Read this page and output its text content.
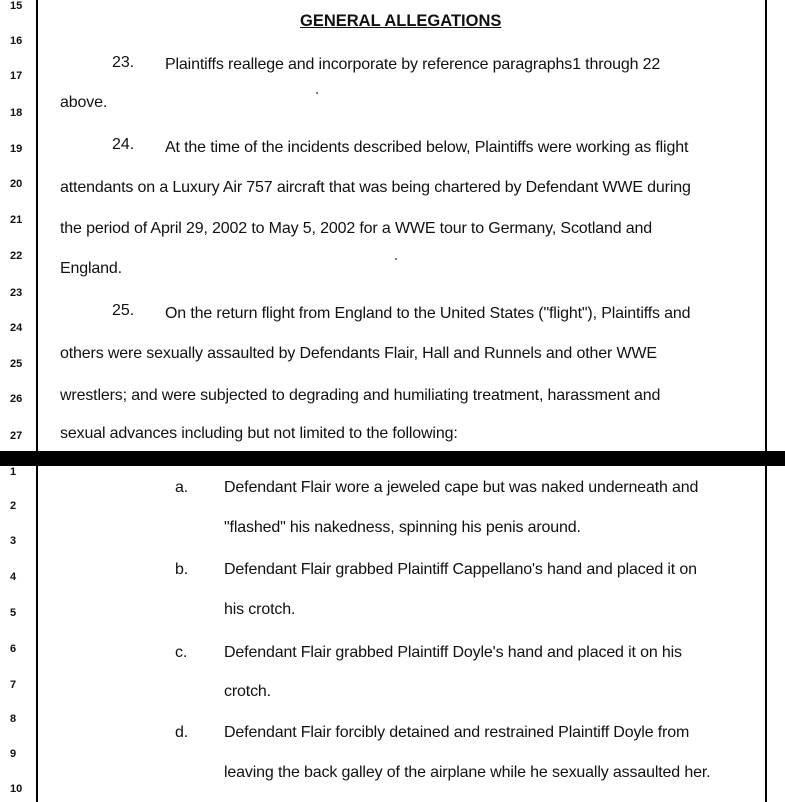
15
16
17
18
19
20
21
22
23
24
25
26
27
GENERAL ALLEGATIONS
23. Plaintiffs reallege and incorporate by reference paragraphs1 through 22
above.
24. At the time of the incidents described below, Plaintiffs were working as flight
attendants on a Luxury Air 757 aircraft that was being chartered by Defendant WWE during
the period of April 29, 2002 to May 5, 2002 for a WWE tour to Germany, Scotland and
England.
25. On the return flight from England to the United States ("flight"), Plaintiffs and
others were sexually assaulted by Defendants Flair, Hall and Runnels and other WWE
wrestlers; and were subjected to degrading and humiliating treatment, harassment and
sexual advances including but not limited to the following:
1
2
3
4
5
6
7
8
9
10
a. Defendant Flair wore a jeweled cape but was naked underneath and
"flashed" his nakedness, spinning his penis around.
b. Defendant Flair grabbed Plaintiff Cappellano's hand and placed it on
his crotch.
c. Defendant Flair grabbed Plaintiff Doyle's hand and placed it on his
crotch.
d. Defendant Flair forcibly detained and restrained Plaintiff Doyle from
leaving the back galley of the airplane while he sexually assaulted her.
